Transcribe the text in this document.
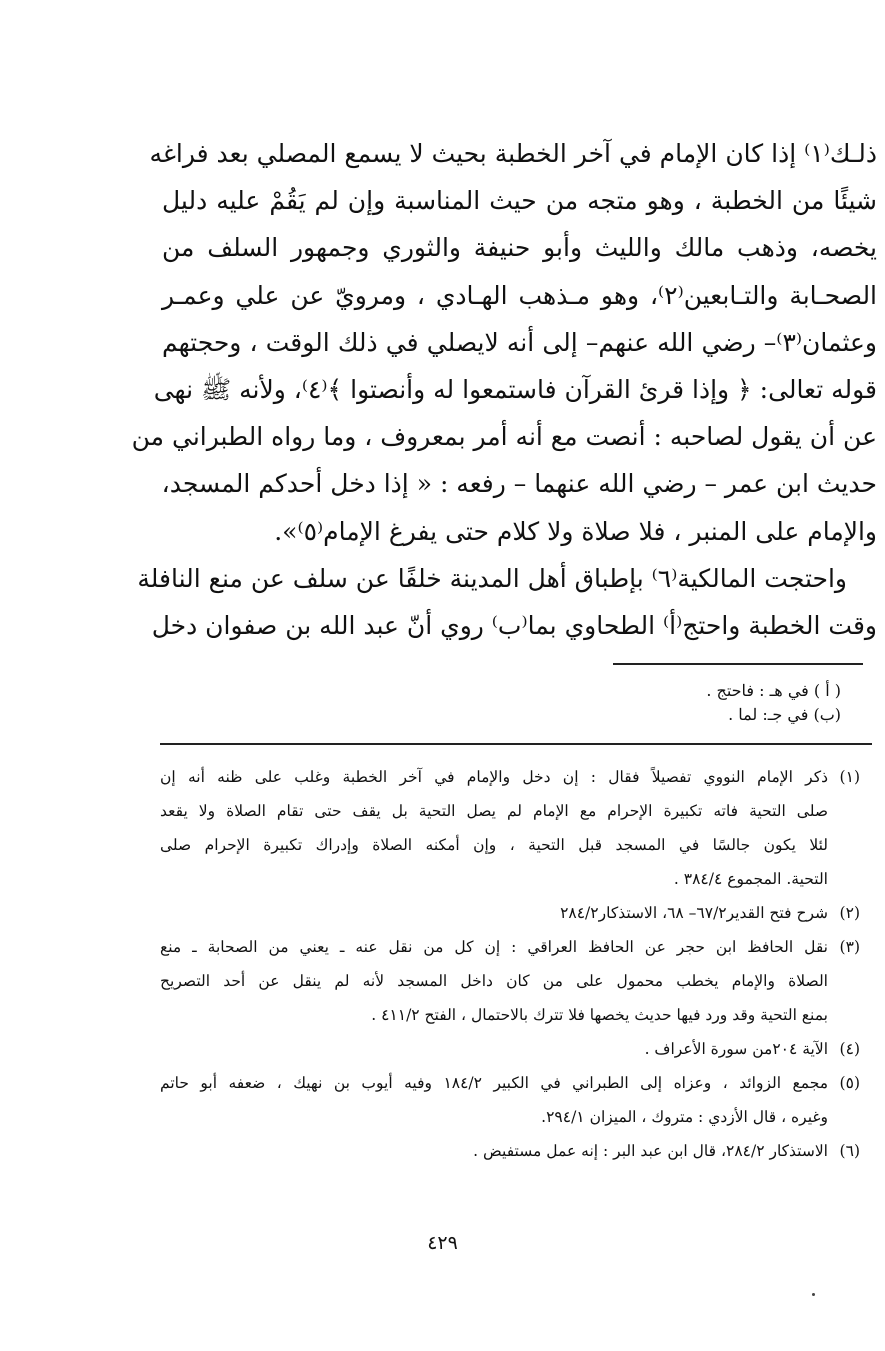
ذلـك⁽١⁾ إذا كان الإمام في آخر الخطبة بحيث لا يسمع المصلي بعد فراغه
شيئًا من الخطبة ، وهو متجه من حيث المناسبة وإن لم يَقُمْ عليه دليل
يخصه، وذهب مالك والليث وأبو حنيفة والثوري وجمهور السلف من
الصحـابة والتـابعين⁽٢⁾، وهو مـذهب الهـادي ، ومرويّ عن علي وعمـر
وعثمان⁽٣⁾– رضي الله عنهم– إلى أنه لايصلي في ذلك الوقت ، وحجتهم
قوله تعالى: ﴿ وإذا قرئ القرآن فاستمعوا له وأنصتوا ﴾⁽٤⁾، ولأنه ﷺ نهى
عن أن يقول لصاحبه : أنصت مع أنه أمر بمعروف ، وما رواه الطبراني من
حديث ابن عمر – رضي الله عنهما – رفعه : « إذا دخل أحدكم المسجد،
والإمام على المنبر ، فلا صلاة ولا كلام حتى يفرغ الإمام⁽٥⁾».
واحتجت المالكية⁽٦⁾ بإطباق أهل المدينة خلفًا عن سلف عن منع النافلة
وقت الخطبة واحتج⁽أ⁾ الطحاوي بما⁽ب⁾ روي أنّ عبد الله بن صفوان دخل
( أ ) في هـ : فاحتج .
(ب) في جـ: لما .
(١)
ذكر الإمام النووي تفصيلاً فقال : إن دخل والإمام في آخر الخطبة وغلب على ظنه أنه إن
صلى التحية فاته تكبيرة الإحرام مع الإمام لم يصل التحية بل يقف حتى تقام الصلاة ولا يقعد
لئلا يكون جالسًا في المسجد قبل التحية ، وإن أمكنه الصلاة وإدراك تكبيرة الإحرام صلى
التحية. المجموع ٣٨٤/٤ .
(٢)
شرح فتح القدير٦٧/٢– ٦٨، الاستذكار٢٨٤/٢
(٣)
نقل الحافظ ابن حجر عن الحافظ العراقي : إن كل من نقل عنه ـ يعني من الصحابة ـ منع
الصلاة والإمام يخطب محمول على من كان داخل المسجد لأنه لم ينقل عن أحد التصريح
بمنع التحية وقد ورد فيها حديث يخصها فلا تترك بالاحتمال ، الفتح ٤١١/٢ .
(٤)
الآية ٢٠٤من سورة الأعراف .
(٥)
مجمع الزوائد ، وعزاه إلى الطبراني في الكبير ١٨٤/٢ وفيه أيوب بن نهيك ، ضعفه أبو حاتم
وغيره ، قال الأزدي : متروك ، الميزان ٢٩٤/١.
(٦)
الاستذكار ٢٨٤/٢، قال ابن عبد البر : إنه عمل مستفيض .
٤٢٩
